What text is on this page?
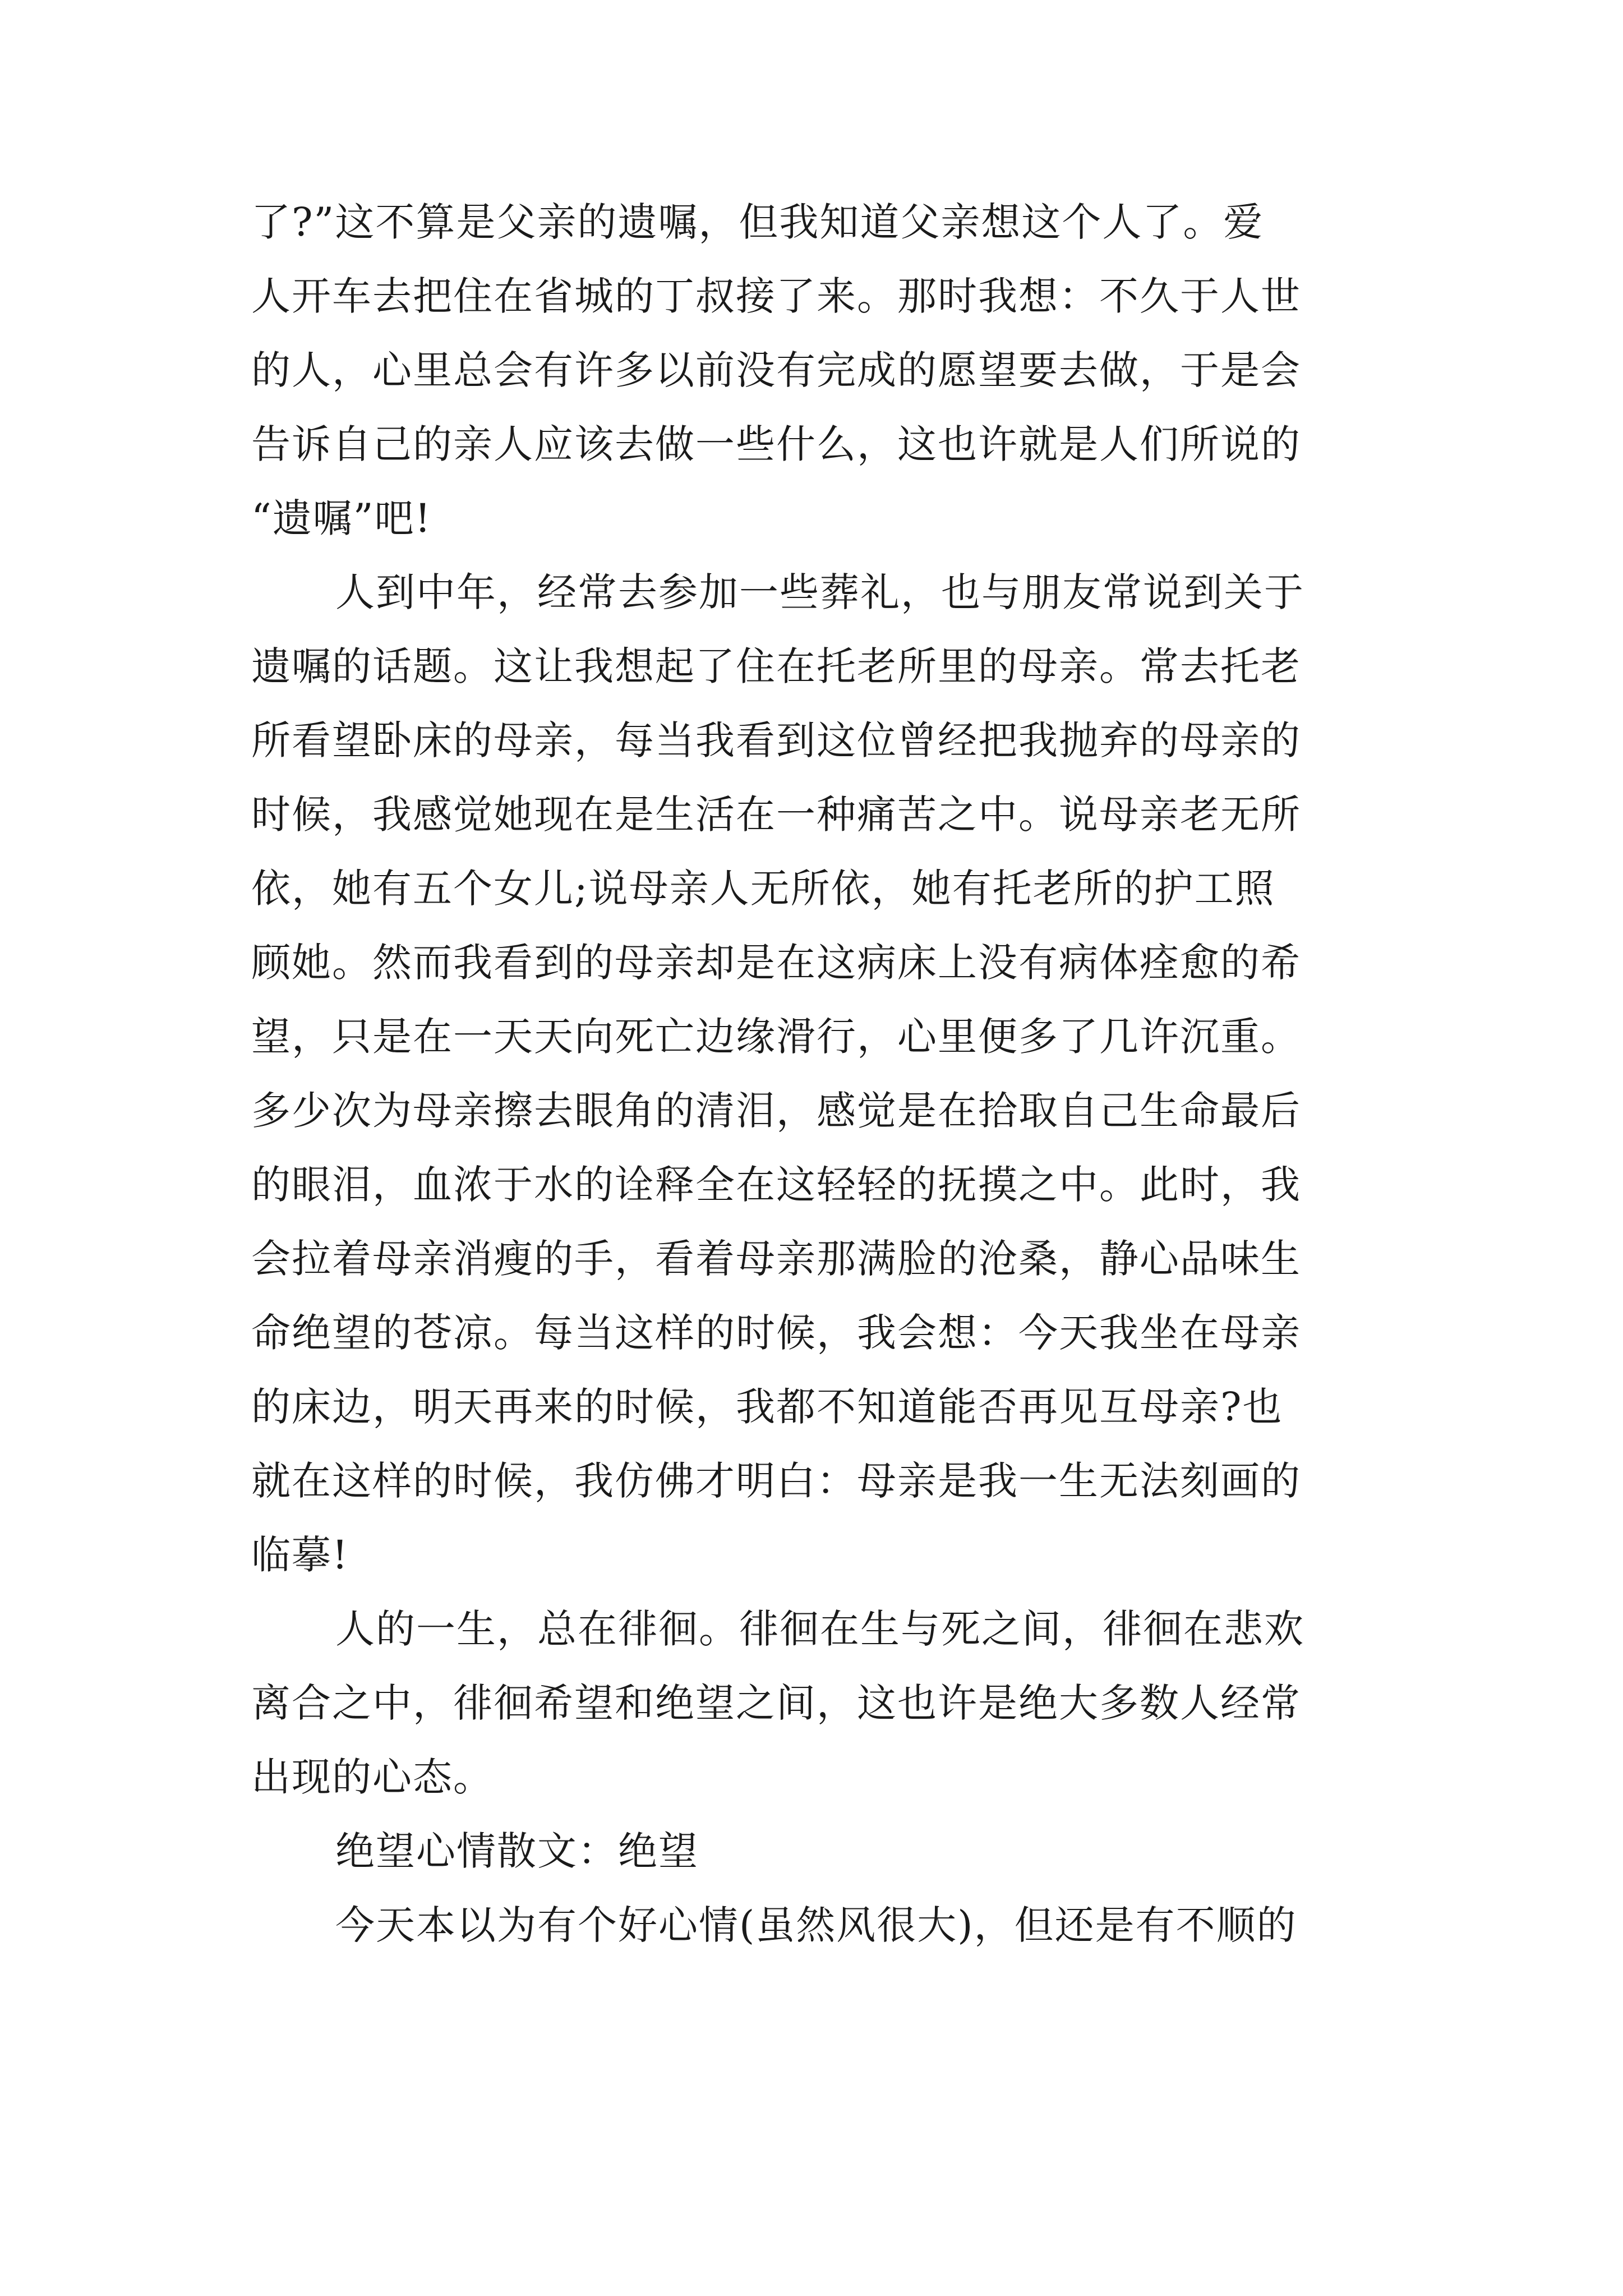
了?”这不算是父亲的遗嘱，但我知道父亲想这个人了。爱
人开车去把住在省城的丁叔接了来。那时我想：不久于人世
的人，心里总会有许多以前没有完成的愿望要去做，于是会
告诉自己的亲人应该去做一些什么，这也许就是人们所说的
“遗嘱”吧!
人到中年，经常去参加一些葬礼，也与朋友常说到关于
遗嘱的话题。这让我想起了住在托老所里的母亲。常去托老
所看望卧床的母亲，每当我看到这位曾经把我抛弃的母亲的
时候，我感觉她现在是生活在一种痛苦之中。说母亲老无所
依，她有五个女儿;说母亲人无所依，她有托老所的护工照
顾她。然而我看到的母亲却是在这病床上没有病体痊愈的希
望，只是在一天天向死亡边缘滑行，心里便多了几许沉重。
多少次为母亲擦去眼角的清泪，感觉是在拾取自己生命最后
的眼泪，血浓于水的诠释全在这轻轻的抚摸之中。此时，我
会拉着母亲消瘦的手，看着母亲那满脸的沧桑，静心品味生
命绝望的苍凉。每当这样的时候，我会想：今天我坐在母亲
的床边，明天再来的时候，我都不知道能否再见互母亲?也
就在这样的时候，我仿佛才明白：母亲是我一生无法刻画的
临摹!
人的一生，总在徘徊。徘徊在生与死之间，徘徊在悲欢
离合之中，徘徊希望和绝望之间，这也许是绝大多数人经常
出现的心态。
绝望心情散文：绝望
今天本以为有个好心情(虽然风很大)，但还是有不顺的
